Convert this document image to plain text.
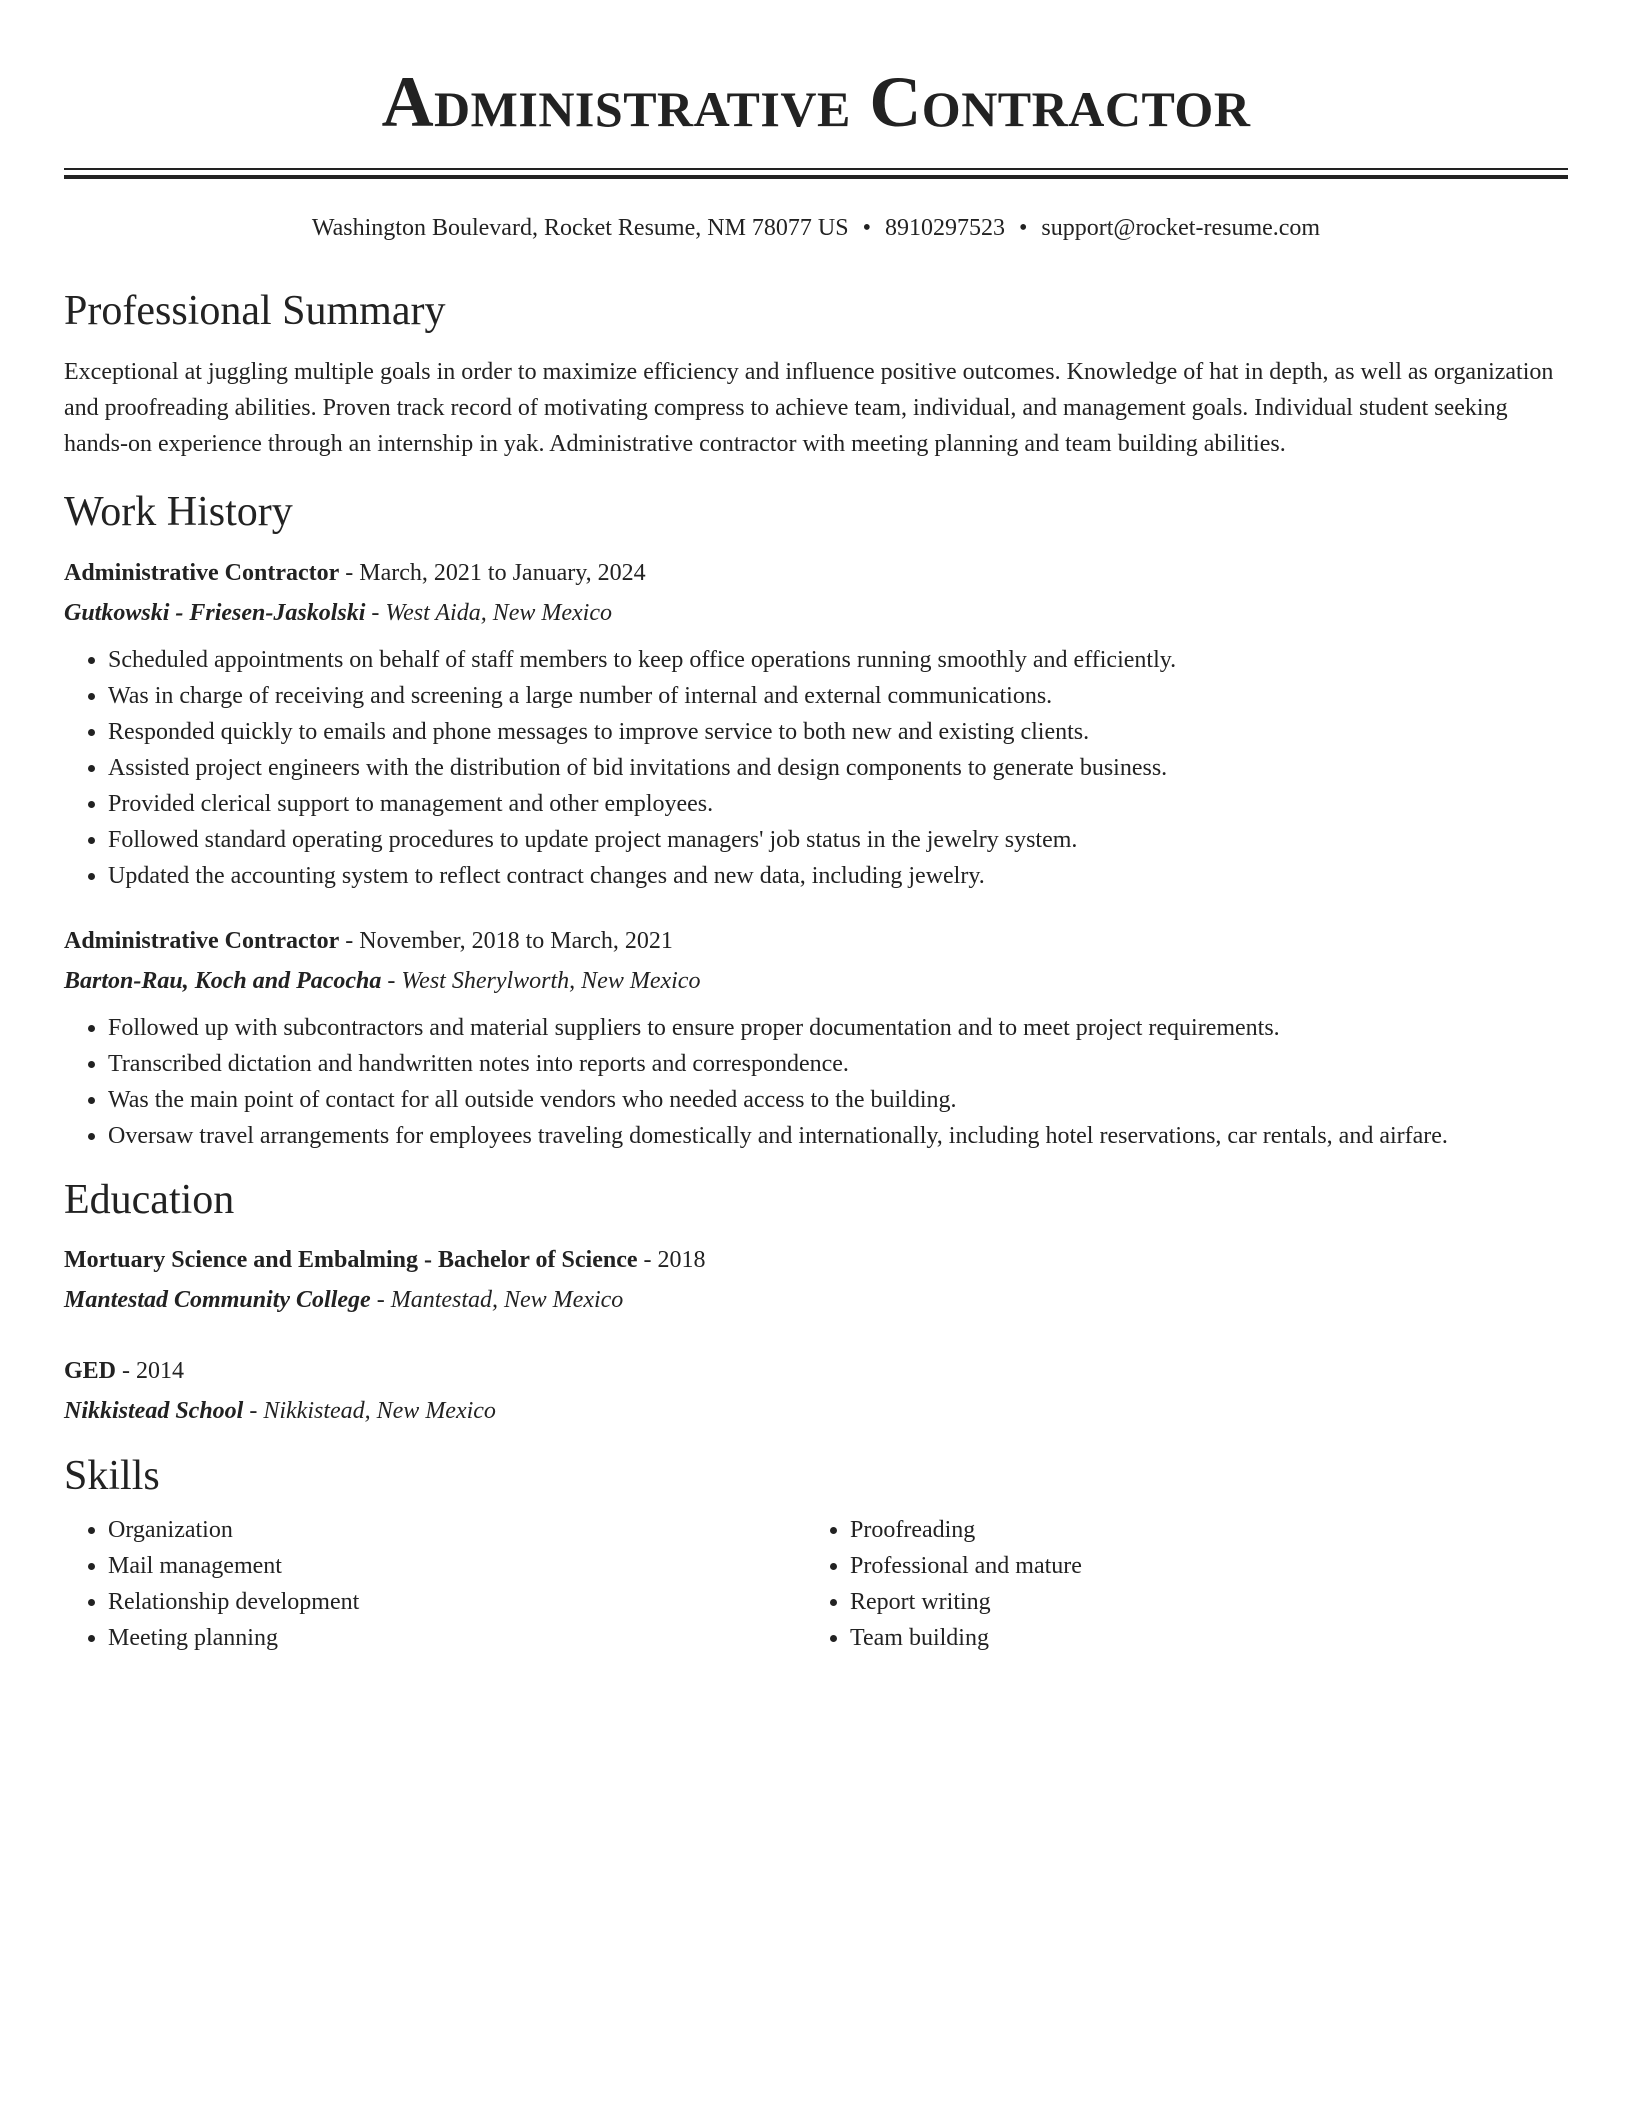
Administrative Contractor
Washington Boulevard, Rocket Resume, NM 78077 US • 8910297523 • support@rocket-resume.com
Professional Summary

Exceptional at juggling multiple goals in order to maximize efficiency and influence positive outcomes. Knowledge of hat in depth, as well as organization and proofreading abilities. Proven track record of motivating compress to achieve team, individual, and management goals. Individual student seeking hands-on experience through an internship in yak. Administrative contractor with meeting planning and team building abilities.

Work History
Administrative Contractor - March, 2021 to January, 2024
Gutkowski - Friesen-Jaskolski - West Aida, New Mexico
• Scheduled appointments on behalf of staff members to keep office operations running smoothly and efficiently.
• Was in charge of receiving and screening a large number of internal and external communications.
• Responded quickly to emails and phone messages to improve service to both new and existing clients.
• Assisted project engineers with the distribution of bid invitations and design components to generate business.
• Provided clerical support to management and other employees.
• Followed standard operating procedures to update project managers' job status in the jewelry system.
• Updated the accounting system to reflect contract changes and new data, including jewelry.
Administrative Contractor - November, 2018 to March, 2021
Barton-Rau, Koch and Pacocha - West Sherylworth, New Mexico
• Followed up with subcontractors and material suppliers to ensure proper documentation and to meet project requirements.
• Transcribed dictation and handwritten notes into reports and correspondence.
• Was the main point of contact for all outside vendors who needed access to the building.
• Oversaw travel arrangements for employees traveling domestically and internationally, including hotel reservations, car rentals, and airfare.
Education
Mortuary Science and Embalming - Bachelor of Science - 2018
Mantestad Community College - Mantestad, New Mexico
GED - 2014
Nikkistead School - Nikkistead, New Mexico
Skills
• Organization
• Mail management
• Relationship development
• Meeting planning
• Proofreading
• Professional and mature
• Report writing
• Team building
